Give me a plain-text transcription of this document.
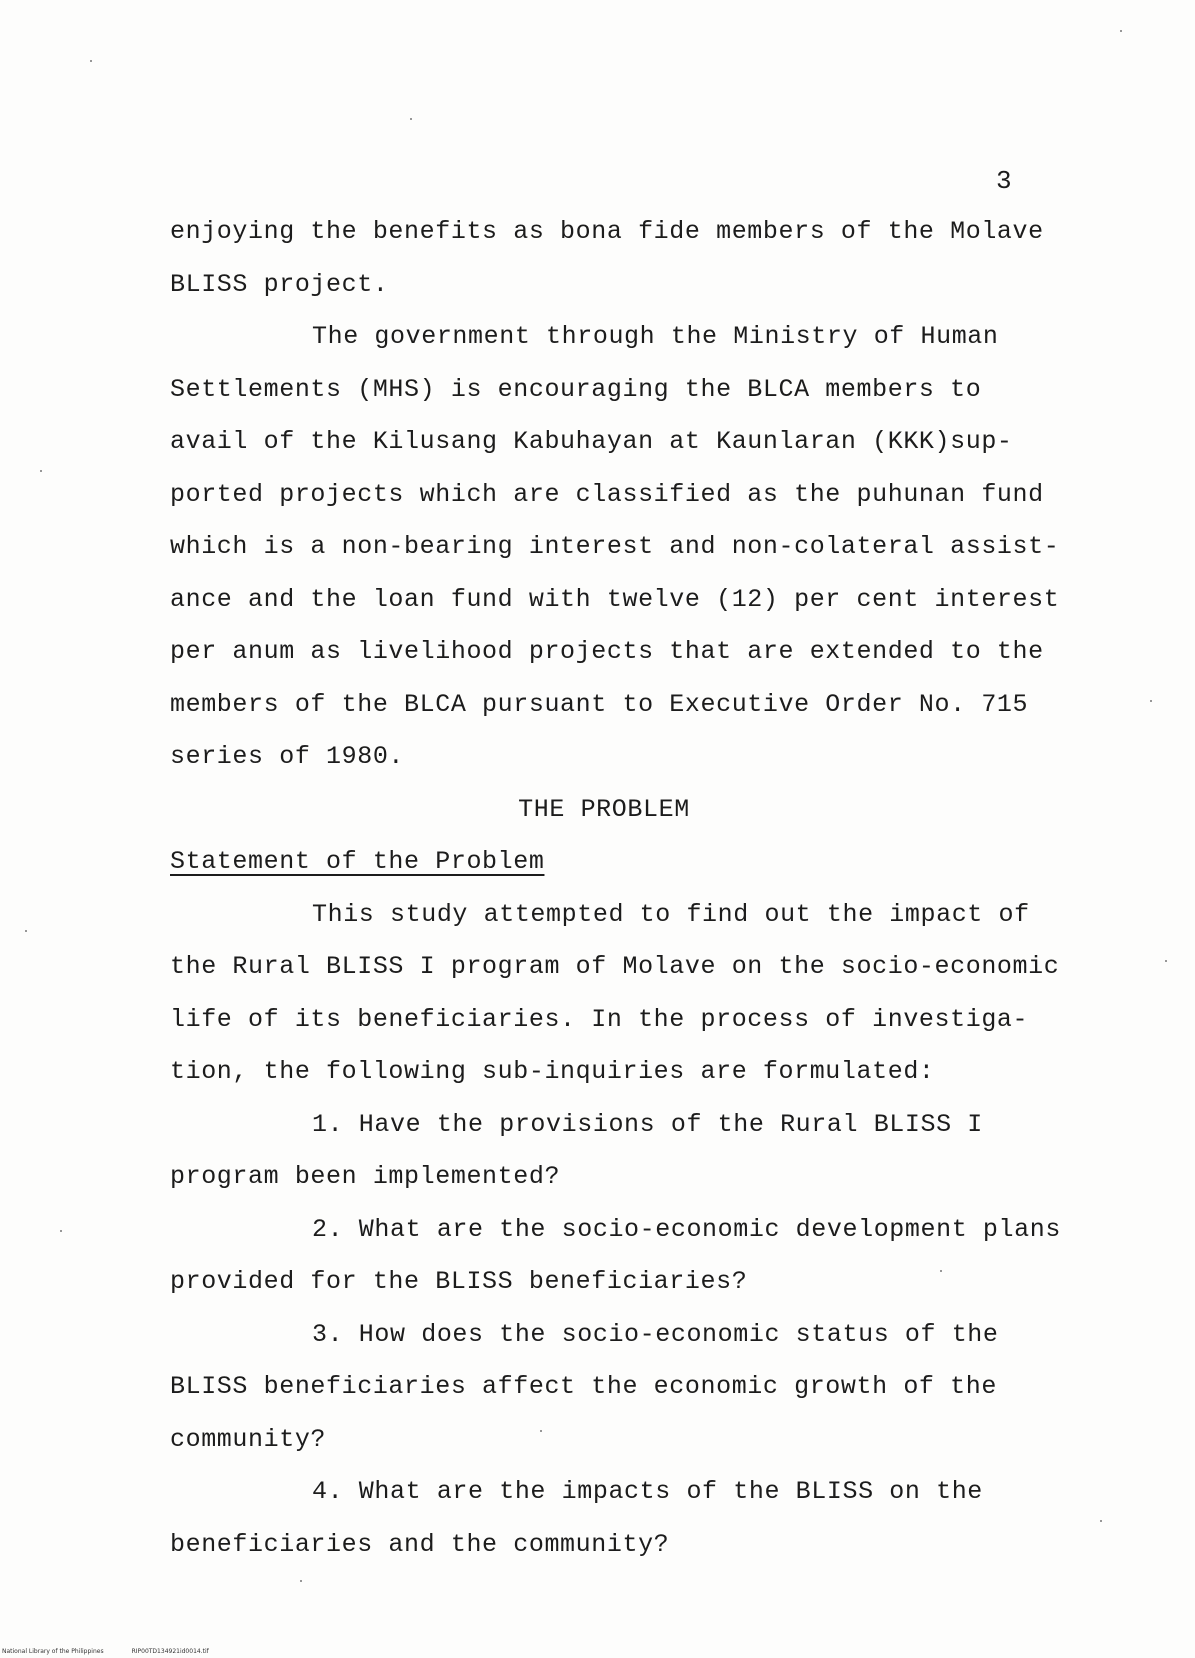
3
enjoying the benefits as bona fide members of the Molave
BLISS project.
The government through the Ministry of Human
Settlements (MHS) is encouraging the BLCA members to
avail of the Kilusang Kabuhayan at Kaunlaran (KKK)sup-
ported projects which are classified as the puhunan fund
which is a non-bearing interest and non-colateral assist-
ance and the loan fund with twelve (12) per cent interest
per anum as livelihood projects that are extended to the
members of the BLCA pursuant to Executive Order No. 715
series of 1980.
THE PROBLEM
Statement of the Problem
This study attempted to find out the impact of
the Rural BLISS I program of Molave on the socio-economic
life of its beneficiaries. In the process of investiga-
tion, the following sub-inquiries are formulated:
1. Have the provisions of the Rural BLISS I
program been implemented?
2. What are the socio-economic development plans
provided for the BLISS beneficiaries?
3. How does the socio-economic status of the
BLISS beneficiaries affect the economic growth of the
community?
4. What are the impacts of the BLISS on the
beneficiaries and the community?
National Library of the Philippines	RIP00TD134921id0014.tif
